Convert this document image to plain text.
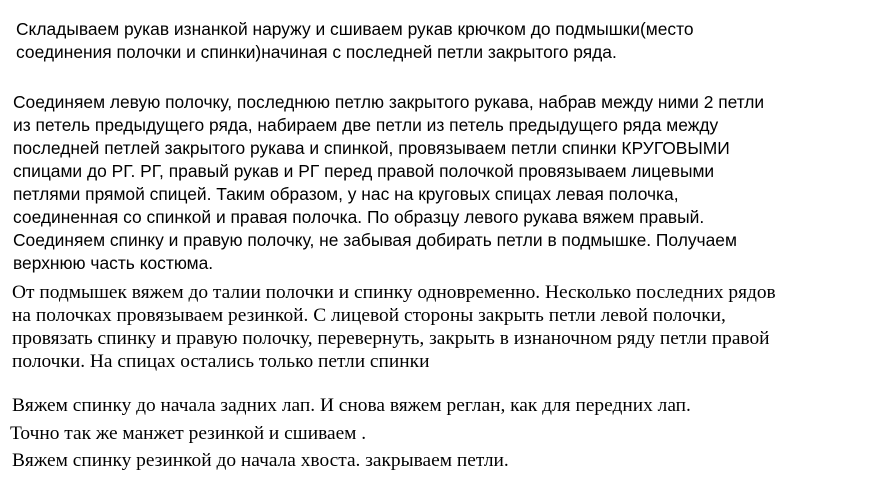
Складываем рукав изнанкой наружу и сшиваем рукав крючком до подмышки(место
соединения полочки и спинки)начиная с последней петли закрытого ряда.

Соединяем левую полочку, последнюю петлю закрытого рукава, набрав между ними 2 петли
из петель предыдущего ряда, набираем две петли из петель предыдущего ряда между
последней петлей закрытого рукава и спинкой, провязываем петли спинки КРУГОВЫМИ
спицами до РГ. РГ, правый рукав и РГ перед правой полочкой провязываем лицевыми
петлями прямой спицей. Таким образом, у нас на круговых спицах левая полочка,
соединенная со спинкой и правая полочка. По образцу левого рукава вяжем правый.
Соединяем спинку и правую полочку, не забывая добирать петли в подмышке. Получаем
верхнюю часть костюма.

От подмышек вяжем до талии полочки и спинку одновременно. Несколько последних рядов
на полочках провязываем резинкой. С лицевой стороны закрыть петли левой полочки,
провязать спинку и правую полочку, перевернуть, закрыть в изнаночном ряду петли правой
полочки. На спицах остались только петли спинки

Вяжем спинку до начала задних лап. И снова вяжем реглан, как для передних лап.

Точно так же манжет резинкой и сшиваем .

Вяжем спинку резинкой до начала хвоста. закрываем петли.
